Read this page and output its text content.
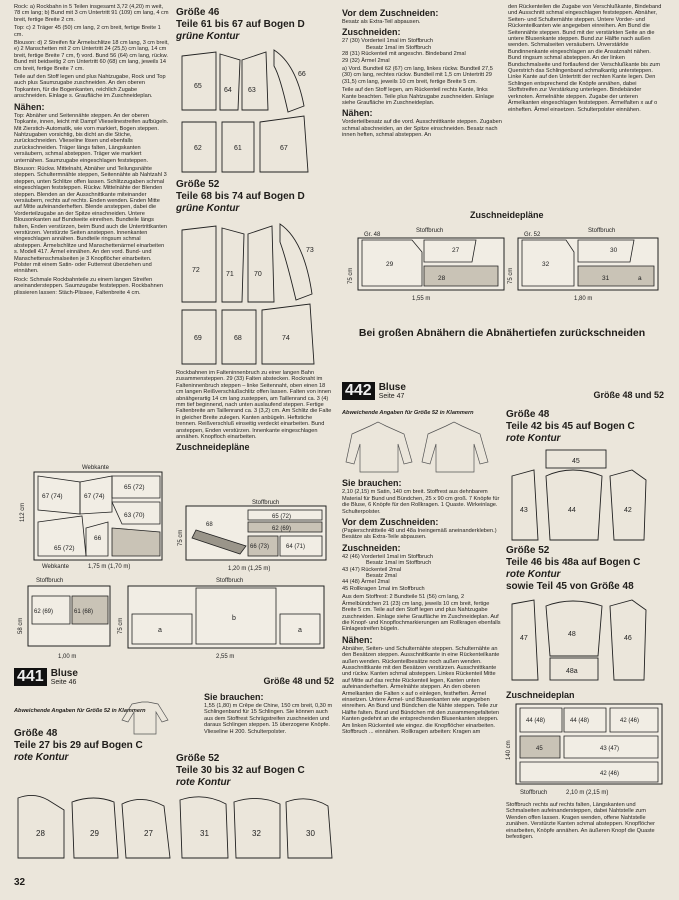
Rock: a) Rockbahn in 5 Teilen insgesamt 3,72 (4,20) m weit, 78 cm lang; b) Bund mit 3 cm Untertritt 91 (109) cm lang, 4 cm breit, fertige Breite 2 cm.

Top: c) 2 Träger 45 (50) cm lang, 2 cm breit, fertige Breite 1 cm.

Blouson: d) 2 Streifen für Ärmelschlitze 18 cm lang, 3 cm breit, e) 2 Manschetten mit 2 cm Untertritt 24 (25,5) cm lang, 14 cm breit, fertige Breite 7 cm, f) vord. Bund 56 (64) cm lang, rückw. Bund mit beidseitig 2 cm Untertritt 60 (68) cm lang, jeweils 14 cm breit, fertige Breite 7 cm.

Teile auf den Stoff legen und plus Nahtzugabe, Rock und Top auch plus Saumzugabe zuschneiden. An den oberen Topkanten, für die Bogenkanten, reichlich Zugabe anschneiden. Einlage s. Graufläche im Zuschneideplan.

Nähen:

Top: Abnäher und Seitennähte steppen. An der oberen Topkante, innen, leicht mit Dampf Vlieselinestreifen aufbügeln. Mit Zierstich-Automatik, wie vorn markiert, Bogen steppen. Nahtzugaben vorsichtig, bis dicht an die Stiche, zurückschneiden. Vlieseline lösen und ebenfalls zurückschneiden. Träger längs falten, Längskanten versäubern, schmal absteppen. Träger wie markiert unternähen. Saumzugabe eingeschlagen feststeppen.

Blouson: Rückw. Mittelnaht, Abnäher und Teilungsnähte steppen. Schultermnähte steppen, Seitennähte ab Nahtzahl 3 steppen, unten Schlitze offen lassen. Schlitzzugaben schmal eingeschlagen feststeppen. Rückw. Mittelnähte der Blenden steppen. Blenden an der Ausschnittkante miteinander versäubern, rechts auf rechts. Enden wenden. Enden Mitte auf Mitte aufeinanderheften. Blende ansteppen, dabei die Vorderteilzugabe an der Spitze einschneiden. Untere Blousonkanten auf Bundweite einreihen. Bundteile längs falten, Enden verstürzen, beim Bund auch die Untertrittkanten verstürzen. Verstürzte Seiten ansteppen. Innenkanten eingeschlagen annähen. Bundteile ringsum schmal absteppen. Ärmelschlitze und Manschettenärmel einarbeiten s. Modell 417. Ärmel einnähen. An den vord. Bund- und Manschettenschmalseiten je 3 Knopflöcher einarbeiten. Polster mit einem Satin- oder Futterrest überziehen und einnähen.

Rock: Schmale Rockbahnteile zu einem langen Streifen aneinandersteppen. Saumzugabe feststeppen. Rockbahnen plissieren lassen: Stäch-Plissee, Faltenbreite 4 cm.

Webkante
67 (74)	67 (74)
65 (72)
66
63 (70)
65 (72)
112 cm
Webkante	1,75 m (1,70 m)
Stoffbruch
62 (69)	61 (68)
58 cm
1,00 m
Stoffbruch
a
b
a
75 cm
2,55 m
441 Bluse
Seite 46	Größe 48 und 52
Abweichende Angaben für Größe 52 in Klammern
Größe 48
Teile 27 bis 29 auf Bogen C
rote Kontur
28	29	27
Größe 46
Teile 61 bis 67 auf Bogen D
grüne Kontur
65
64 63
66
62	61	67
Größe 52
Teile 68 bis 74 auf Bogen D
grüne Kontur
72
71	70
73
69	68	74

Rockbahnen im Falteninnenbruch zu einer langen Bahn zusammensteppen. 29 (33) Falten abstecken. Rocknaht im Falteninnenbruch steppen – linke Seitennaht, oben einen 18 cm langen Reißverschlußschlitz offen lassen. Falten von innen abnähgerartig 14 cm lang zusteppen, am Taillenrand ca. 3 (4) mm tief beginnend, nach unten auslaufend steppen. Fertige Faltenbreite am Taillenrand ca. 3 (3,2) cm. Am Schlitz die Falte in gleicher Breite zulegen. Kanten anbügeln. Heftstiche trennen. Reißverschluß einseitig verdeckt einarbeiten. Bund ansteppen, Enden verstürzen. Innenkante eingeschlagen annähen. Knopfloch einarbeiten.

Zuschneidepläne
Stoffbruch
65 (72)
62 (69)
66 (73)
68
64 (71)
1,20 m (1,25 m)
75 cm
Sie brauchen:

1,55 (1,80) m Crêpe de Chine, 150 cm breit, 0,30 m Schlingenband für 15 Schlingen. Sie können auch aus dem Stoffrest Schrägstreifen zuschneiden und daraus Schlingen steppen. 15 überzogene Knöpfe. Vlieseline H 200. Schulterpolster.

Größe 52
Teile 30 bis 32 auf Bogen C
rote Kontur
31	32	30
Vor dem Zuschneiden:

Besatz als Extra-Teil abpausen.

Zuschneiden:

27 (30) Vorderteil 1mal im Stoffbruch

Besatz 1mal im Stoffbruch

28 (31) Rückenteil mit angeschn. Bindeband 2mal

29 (32) Ärmel 2mal

a) Vord. Bundteil 62 (67) cm lang, linkes rückw. Bundteil 27,5 (30) cm lang, rechtes rückw. Bundteil mit 1,5 cm Untertritt 29 (31,5) cm lang, jeweils 10 cm breit, fertige Breite 5 cm.

Teile auf den Stoff legen, am Rückenteil rechts Kante, links Kante beachten. Teile plus Nahtzugabe zuschneiden. Einlage siehe Graufläche im Zuschneideplan.

Nähen:

Vorderteilbesatz auf die vord. Ausschnittkante steppen. Zugaben schmal abschneiden, an der Spitze einschneiden. Besatz nach innen heften, schmal absteppen. An

den Rückenteilen die Zugabe von Verschlußkante, Bindeband und Ausschnitt schmal eingeschlagen feststeppen. Abnäher, Seiten- und Schulternähte steppen. Untere Vorder- und Rückenteilkanten wie angegeben einreihen. Am Bund die Seitennähte steppen. Bund mit der verstärkten Seite an die untere Blusenkante steppen. Bund zur Hälfte nach außen wenden. Schmalseiten versäubern. Unverstärkte Bundinnenkante eingeschlagen an die Ansatznaht nähen. Bund ringsum schmal absteppen. An der linken Bundschmalseite und fortlaufend der Verschlußkante bis zum Querstrich das Schlingenband schmalkantig untersteppen. Linke Kante auf den Untertritt der rechten Kante legen. Den Schlingen entsprechend die Knöpfe annähen, dabei Stoffstreifen zur Verstärkung unterlegen. Bindebänder verknoten. Ärmelnähte steppen. Zugabe der unteren Ärmelkanten eingeschlagen feststeppen. Ärmelfalten x auf o einheften. Ärmel einsetzen. Schulterpolster einnähen.

Zuschneidepläne
Gr. 48
Stoffbruch
27
28
29
75 cm
1,55 m
Gr. 52
Stoffbruch
30
31
32
a
75 cm
1,80 m
Bei großen Abnähern die Abnähertiefen zurückschneiden
442 Bluse
Seite 47	Größe 48 und 52
Abweichende Angaben für Größe 52 in Klammern
Sie brauchen:

2,10 (2,15) m Satin, 140 cm breit. Stoffrest aus dehnbarem Material für Bund und Bündchen, 25 x 90 cm groß. 7 Knöpfe für die Bluse, 6 Knöpfe für den Rollkragen. 1 Quaste. Wirkeinlage. Schulterpolster.

Vor dem Zuschneiden:

(Papierschnittteile 48 und 48a Ineingemäß aneinanderkleben.) Besätze als Extra-Teile abpausen.

Zuschneiden:

42 (46) Vorderteil 1mal im Stoffbruch

Besatz 1mal im Stoffbruch

43 (47) Rückenteil 2mal

Besatz 2mal

44 (48) Ärmel 2mal

45 Rollkragen 1mal im Stoffbruch

Aus dem Stoffrest: 2 Bundteile 51 (56) cm lang, 2 Ärmelbündchen 21 (23) cm lang, jeweils 10 cm breit, fertige Breite 5 cm. Teile auf den Stoff legen und plus Nahtzugabe zuschneiden. Einlage siehe Graufläche im Zuschneideplan. Auf die Knopf- und Knopflochmarkierungen am Rollkragen ebenfalls Einlagestreifen bügeln.

Nähen:

Abnäher, Seiten- und Schulternähte steppen. Schulternähte an den Besätzen steppen. Ausschnittkante in eine Rückenteilkante außen wenden. Rückenteilbesätze noch außen wenden. Ausschnittkante mit den Besätzen verstürzen. Ausschnittkante und rückw. Kanten schmal absteppen. Linkes Rückenteil Mitte auf Mitte auf das rechte Rückenteil legen, Kanten unten aufeinanderheften. Ärmelnähte steppen. An den oberen Armelkanten die Falten x auf o einlegen, festheften. Ärmel einsetzen. Untere Ärmel- und Blusenkanten wie angegeben einreihen. An Bund und Bündchen die Nähte steppen. Teile zur Hälfte falten. Bund und Bündchen mit den zusammengefalteten Kanten gedehnt an die entsprechenden Blusenkanten steppen. Am linken Rückenteil wie eingez. die Knopflöcher einarbeiten. Stoffbruch ... einnähen. Rollkragen arbeiten: Kragen am

Größe 48
Teile 42 bis 45 auf Bogen C
rote Kontur
45
43	44	42
Größe 52
Teile 46 bis 48a auf Bogen C
rote Kontur
sowie Teil 45 von Größe 48
47
48
46
48a
Zuschneideplan
44 (48)	44 (48)	42 (46)
45	43 (47)
42 (46)
140 cm
Stoffbruch	2,10 m (2,15 m)

Stoffbruch rechts auf rechts falten, Längskanten und Schmalseiten aufeinandersteppen, dabei Nahtstelle zum Wenden offen lassen. Kragen wenden, offene Nahtstelle zunähen. Verstürzte Kanten schmal absteppen. Knopflöcher einarbeiten, Knöpfe annähen. An äußeren Knopf die Quaste befestigen.

32
